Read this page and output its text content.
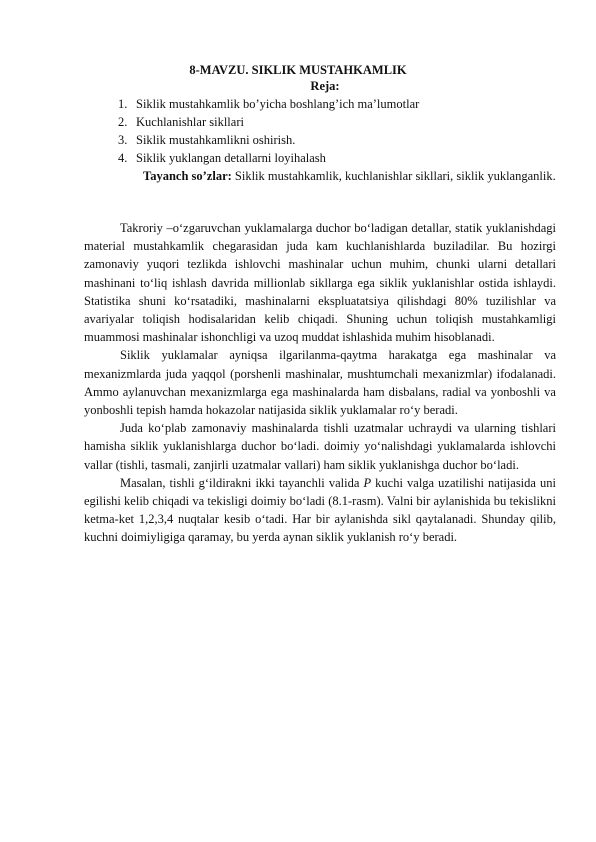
8-MAVZU. SIKLIK MUSTAHKAMLIK
Reja:
1. Siklik mustahkamlik bo’yicha boshlang’ich ma’lumotlar
2. Kuchlanishlar sikllari
3. Siklik mustahkamlikni oshirish.
4. Siklik yuklangan detallarni loyihalash
Tayanch so’zlar: Siklik mustahkamlik, kuchlanishlar sikllari, siklik yuklanganlik.

Takroriy –o‘zgaruvchan yuklamalarga duchor bo‘ladigan detallar, statik yuklanishdagi material mustahkamlik chegarasidan juda kam kuchlanishlarda buziladilar. Bu hozirgi zamonaviy yuqori tezlikda ishlovchi mashinalar uchun muhim, chunki ularni detallari mashinani to‘liq ishlash davrida millionlab sikllarga ega siklik yuklanishlar ostida ishlaydi. Statistika shuni ko‘rsatadiki, mashinalarni ekspluatatsiya qilishdagi 80% tuzilishlar va avariyalar toliqish hodisalaridan kelib chiqadi. Shuning uchun toliqish mustahkamligi muammosi mashinalar ishonchligi va uzoq muddat ishlashida muhim hisoblanadi.

Siklik yuklamalar ayniqsa ilgarilanma-qaytma harakatga ega mashinalar va mexanizmlarda juda yaqqol (porshenli mashinalar, mushtumchali mexanizmlar) ifodalanadi. Ammo aylanuvchan mexanizmlarga ega mashinalarda ham disbalans, radial va yonboshli va yonboshli tepish hamda hokazolar natijasida siklik yuklamalar ro‘y beradi.

Juda ko‘plab zamonaviy mashinalarda tishli uzatmalar uchraydi va ularning tishlari hamisha siklik yuklanishlarga duchor bo‘ladi. doimiy yo‘nalishdagi yuklamalarda ishlovchi vallar (tishli, tasmali, zanjirli uzatmalar vallari) ham siklik yuklanishga duchor bo‘ladi.

Masalan, tishli g‘ildirakni ikki tayanchli valida P kuchi valga uzatilishi natijasida uni egilishi kelib chiqadi va tekisligi doimiy bo‘ladi (8.1-rasm). Valni bir aylanishida bu tekislikni ketma-ket 1,2,3,4 nuqtalar kesib o‘tadi. Har bir aylanishda sikl qaytalanadi. Shunday qilib, kuchni doimiyligiga qaramay, bu yerda aynan siklik yuklanish ro‘y beradi.
